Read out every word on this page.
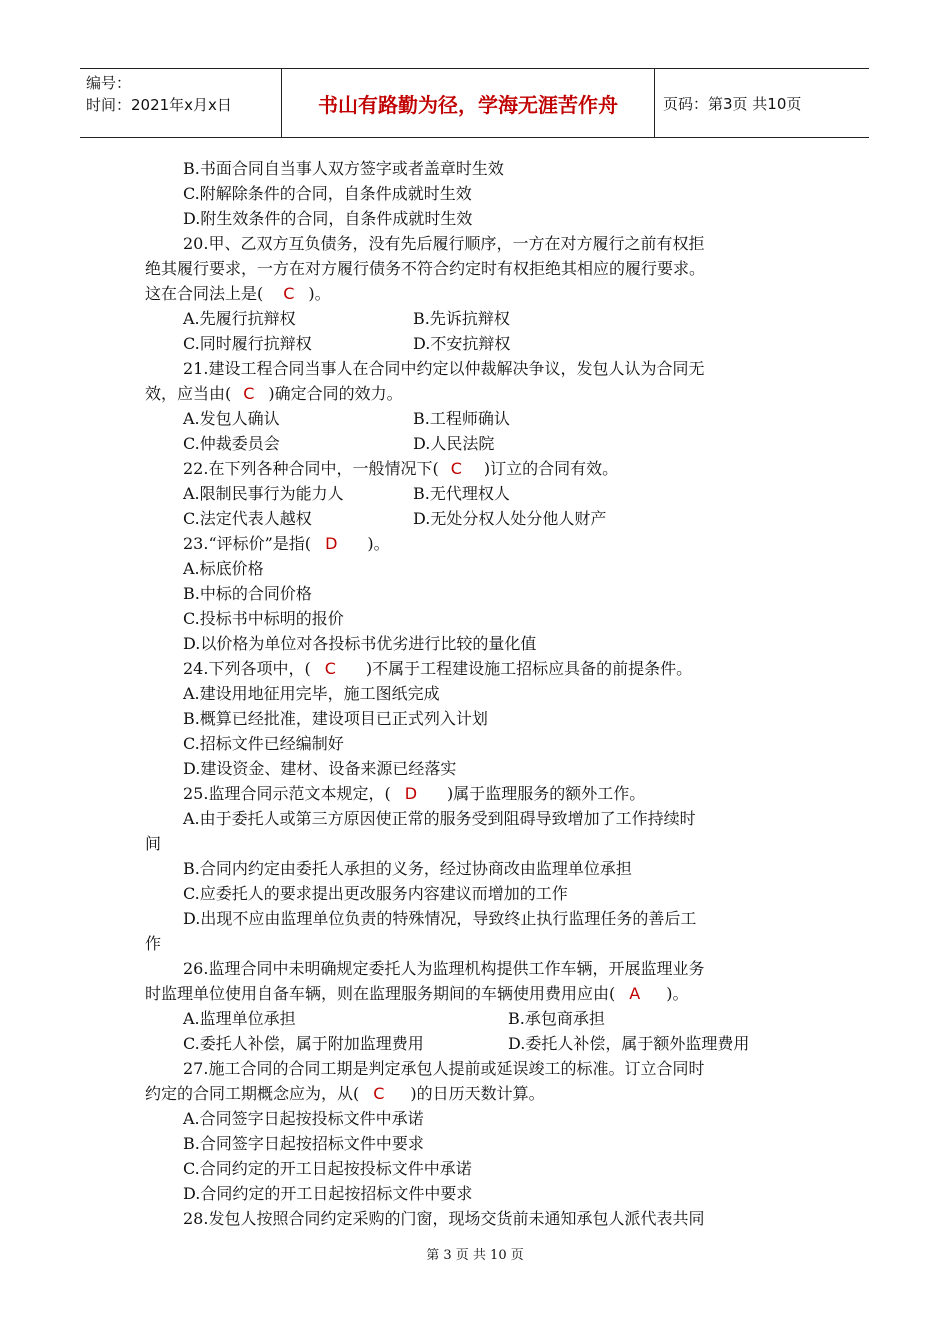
编号：
时间：2021年x月x日	书山有路勤为径，学海无涯苦作舟	页码：第3页 共10页
B.书面合同自当事人双方签字或者盖章时生效
C.附解除条件的合同，自条件成就时生效
D.附生效条件的合同，自条件成就时生效
20.甲、乙双方互负债务，没有先后履行顺序，一方在对方履行之前有权拒
绝其履行要求，一方在对方履行债务不符合约定时有权拒绝其相应的履行要求。
这在合同法上是( C )。
A.先履行抗辩权	B.先诉抗辩权
C.同时履行抗辩权	D.不安抗辩权
21.建设工程合同当事人在合同中约定以仲裁解决争议，发包人认为合同无
效，应当由( C )确定合同的效力。
A.发包人确认	B.工程师确认
C.仲裁委员会	D.人民法院
22.在下列各种合同中，一般情况下( C )订立的合同有效。
A.限制民事行为能力人	B.无代理权人
C.法定代表人越权	D.无处分权人处分他人财产
23.“评标价”是指( D )。
A.标底价格
B.中标的合同价格
C.投标书中标明的报价
D.以价格为单位对各投标书优劣进行比较的量化值
24.下列各项中，( C )不属于工程建设施工招标应具备的前提条件。
A.建设用地征用完毕，施工图纸完成
B.概算已经批准，建设项目已正式列入计划
C.招标文件已经编制好
D.建设资金、建材、设备来源已经落实
25.监理合同示范文本规定，( D )属于监理服务的额外工作。
A.由于委托人或第三方原因使正常的服务受到阻碍导致增加了工作持续时
间
B.合同内约定由委托人承担的义务，经过协商改由监理单位承担
C.应委托人的要求提出更改服务内容建议而增加的工作
D.出现不应由监理单位负责的特殊情况，导致终止执行监理任务的善后工
作
26.监理合同中未明确规定委托人为监理机构提供工作车辆，开展监理业务
时监理单位使用自备车辆，则在监理服务期间的车辆使用费用应由( A )。
A.监理单位承担	B.承包商承担
C.委托人补偿，属于附加监理费用	D.委托人补偿，属于额外监理费用
27.施工合同的合同工期是判定承包人提前或延误竣工的标准。订立合同时
约定的合同工期概念应为，从( C )的日历天数计算。
A.合同签字日起按投标文件中承诺
B.合同签字日起按招标文件中要求
C.合同约定的开工日起按投标文件中承诺
D.合同约定的开工日起按招标文件中要求
28.发包人按照合同约定采购的门窗，现场交货前未通知承包人派代表共同
第 3 页 共 10 页
